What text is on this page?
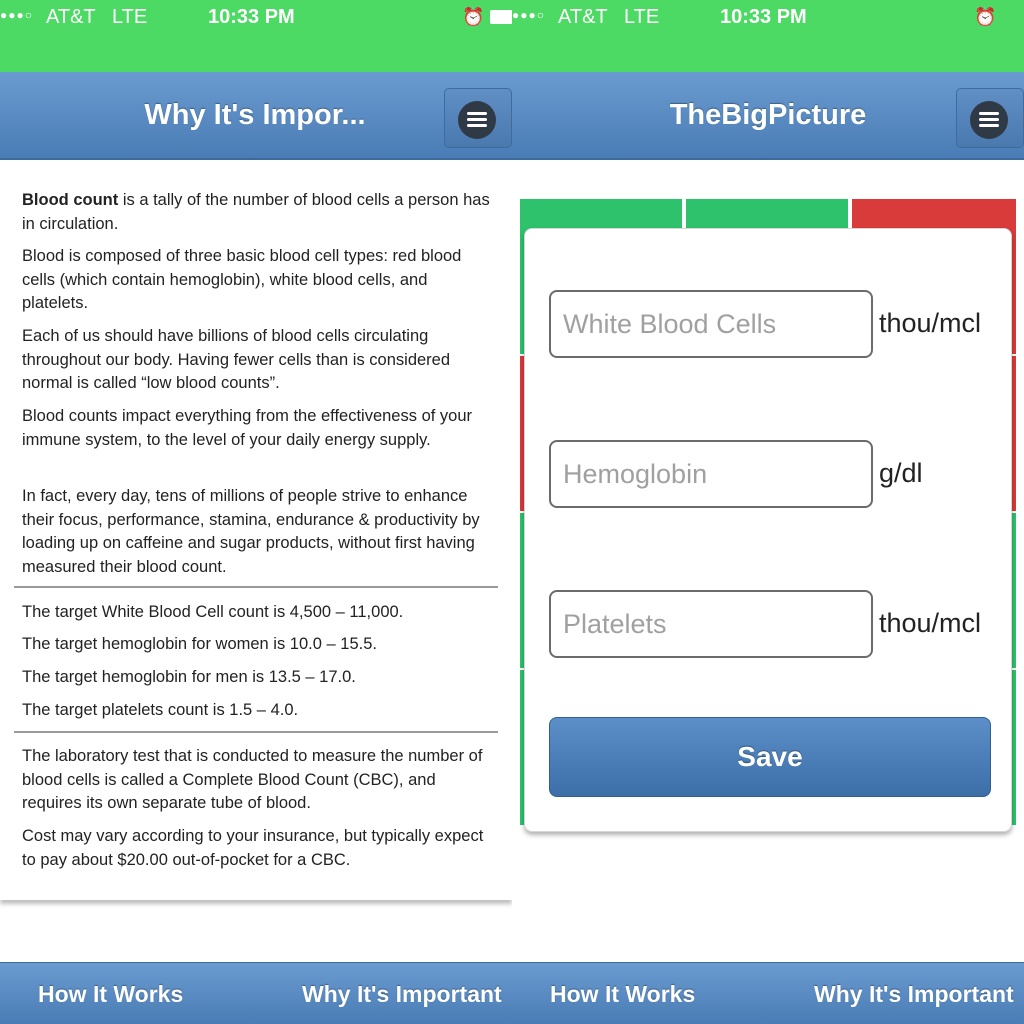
●●●○ AT&T LTE	10:33 PM	⏰
Why It's Impor...

Blood count is a tally of the number of blood cells a person has in circulation.

Blood is composed of three basic blood cell types: red blood cells (which contain hemoglobin), white blood cells, and platelets.

Each of us should have billions of blood cells circulating throughout our body. Having fewer cells than is considered normal is called “low blood counts”.

Blood counts impact everything from the effectiveness of your immune system, to the level of your daily energy supply.

In fact, every day, tens of millions of people strive to enhance their focus, performance, stamina, endurance & productivity by loading up on caffeine and sugar products, without first having measured their blood count.

The target White Blood Cell count is 4,500 – 11,000.

The target hemoglobin for women is 10.0 – 15.5.

The target hemoglobin for men is 13.5 – 17.0.

The target platelets count is 1.5 – 4.0.

The laboratory test that is conducted to measure the number of blood cells is called a Complete Blood Count (CBC), and requires its own separate tube of blood.

Cost may vary according to your insurance, but typically expect to pay about $20.00 out-of-pocket for a CBC.

How It Works	Why It's Important
●●●○ AT&T LTE	10:33 PM	⏰
TheBigPicture
White Blood Cells
thou/mcl
Hemoglobin
g/dl
Platelets
thou/mcl
Save
How It Works	Why It's Important
